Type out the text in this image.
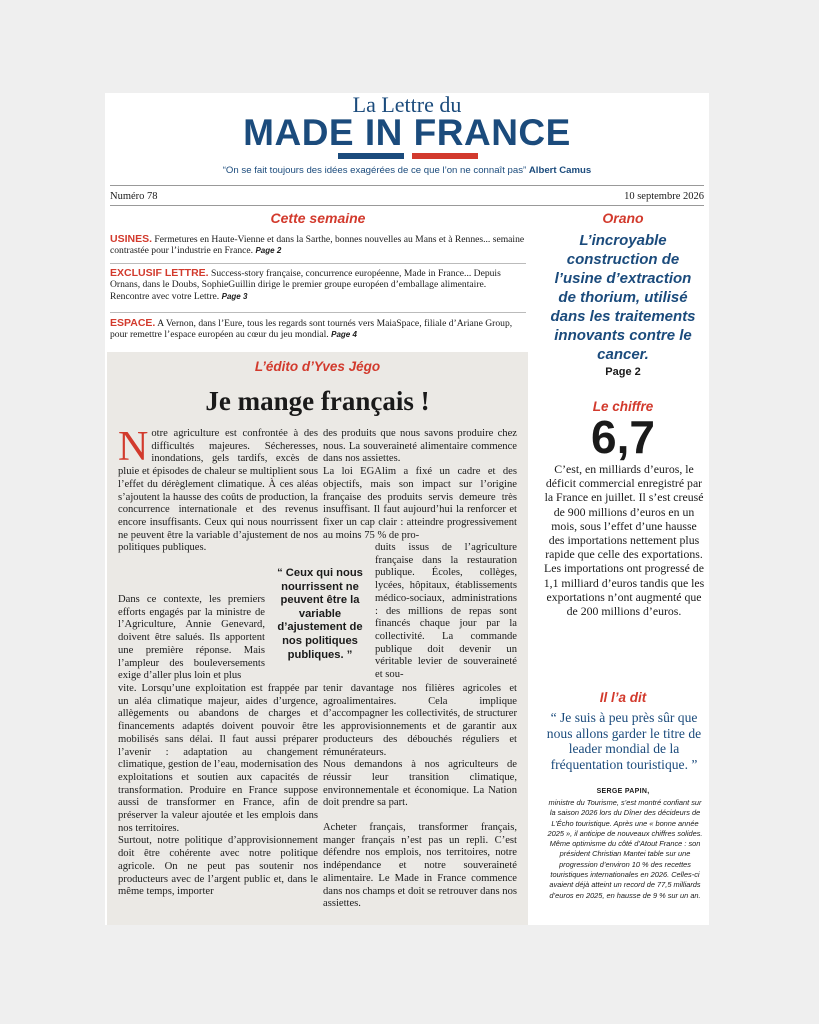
La Lettre du
MADE IN FRANCE
“On se fait toujours des idées exagérées de ce que l’on ne connaît pas” Albert Camus
Numéro 78	10 septembre 2026
Cette semaine
USINES. Fermetures en Haute-Vienne et dans la Sarthe, bonnes nouvelles au Mans et à Rennes... semaine contrastée pour l’industrie en France. Page 2
EXCLUSIF LETTRE. Success-story française, concurrence européenne, Made in France... Depuis Ornans, dans le Doubs, SophieGuillin dirige le premier groupe européen d’emballage alimentaire. Rencontre avec votre Lettre. Page 3
ESPACE. A Vernon, dans l’Eure, tous les regards sont tournés vers MaiaSpace, filiale d’Ariane Group, pour remettre l’espace européen au cœur du jeu mondial. Page 4
L’édito d’Yves Jégo
Je mange français !
N otre agriculture est confrontée à des difficultés majeures. Sécheresses, inondations, gels tardifs, excès de pluie et épisodes de chaleur se multiplient sous l’effet du dérèglement climatique. À ces aléas s’ajoutent la hausse des coûts de production, la concurrence internationale et des revenus encore insuffisants. Ceux qui nous nourrissent ne peuvent être la variable d’ajustement de nos politiques publiques.

Dans ce contexte, les premiers efforts engagés par la ministre de l’Agriculture, Annie Genevard, doivent être salués. Ils apportent une première réponse. Mais l’ampleur des bouleversements exige d’aller plus loin et plus

vite. Lorsqu’une exploitation est frappée par un aléa climatique majeur, aides d’urgence, allègements ou abandons de charges et financements adaptés doivent pouvoir être mobilisés sans délai. Il faut aussi préparer l’avenir : adaptation au changement climatique, gestion de l’eau, modernisation des exploitations et soutien aux capacités de transformation. Produire en France suppose aussi de transformer en France, afin de préserver la valeur ajoutée et les emplois dans nos territoires.

Surtout, notre politique d’approvisionnement doit être cohérente avec notre politique agricole. On ne peut pas soutenir nos producteurs avec de l’argent public et, dans le même temps, importer

“ Ceux qui nous nourrissent ne peuvent être la variable d’ajustement de nos politiques publiques. ”

des produits que nous savons produire chez nous. La souveraineté alimentaire commence dans nos assiettes.

La loi EGAlim a fixé un cadre et des objectifs, mais son impact sur l’origine française des produits servis demeure très insuffisant. Il faut aujourd’hui la renforcer et fixer un cap clair : atteindre progressivement au moins 75 % de pro-

duits issus de l’agriculture française dans la restauration publique. Écoles, collèges, lycées, hôpitaux, établissements médico-sociaux, administrations : des millions de repas sont financés chaque jour par la collectivité. La commande publique doit devenir un véritable levier de souveraineté et sou-

tenir davantage nos filières agricoles et agroalimentaires. Cela implique d’accompagner les collectivités, de structurer les approvisionnements et de garantir aux producteurs des débouchés réguliers et rémunérateurs.

Nous demandons à nos agriculteurs de réussir leur transition climatique, environnementale et économique. La Nation doit prendre sa part.

Acheter français, transformer français, manger français n’est pas un repli. C’est défendre nos emplois, nos territoires, notre indépendance et notre souveraineté alimentaire. Le Made in France commence dans nos champs et doit se retrouver dans nos assiettes.

Orano
L’incroyable construction de l’usine d’extraction de thorium, utilisé dans les traitements innovants contre le cancer.
Page 2
Le chiffre
6,7
C’est, en milliards d’euros, le déficit commercial enregistré par la France en juillet. Il s’est creusé de 900 millions d’euros en un mois, sous l’effet d’une hausse des importations nettement plus rapide que celle des exportations. Les importations ont progressé de 1,1 milliard d’euros tandis que les exportations n’ont augmenté que de 200 millions d’euros.
Il l’a dit
“ Je suis à peu près sûr que nous allons garder le titre de leader mondial de la fréquentation touristique. ”
SERGE PAPIN,
ministre du Tourisme, s’est montré confiant sur la saison 2026 lors du Dîner des décideurs de L’Écho touristique. Après une « bonne année 2025 », il anticipe de nouveaux chiffres solides. Même optimisme du côté d’Atout France : son président Christian Mantei table sur une progression d’environ 10 % des recettes touristiques internationales en 2026. Celles-ci avaient déjà atteint un record de 77,5 milliards d’euros en 2025, en hausse de 9 % sur un an.
